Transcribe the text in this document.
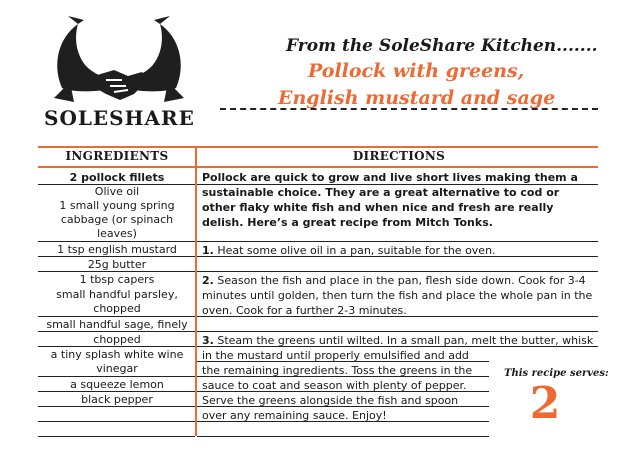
SOLESHARE
From the SoleShare Kitchen.......
Pollock with greens,
English mustard and sage
INGREDIENTS	DIRECTIONS
2 pollock fillets
Olive oil
1 small young spring
cabbage (or spinach
leaves)
1 tsp english mustard
25g butter
1 tbsp capers
small handful parsley,
chopped
small handful sage, finely
chopped
a tiny splash white wine
vinegar
a squeeze lemon
black pepper
Pollock are quick to grow and live short lives making them a
sustainable choice. They are a great alternative to cod or
other flaky white fish and when nice and fresh are really
delish. Here’s a great recipe from Mitch Tonks.
1. Heat some olive oil in a pan, suitable for the oven.
2. Season the fish and place in the pan, flesh side down. Cook for 3-4
minutes until golden, then turn the fish and place the whole pan in the
oven. Cook for a further 2-3 minutes.
3. Steam the greens until wilted. In a small pan, melt the butter, whisk
in the mustard until properly emulsified and add
the remaining ingredients. Toss the greens in the
sauce to coat and season with plenty of pepper.
Serve the greens alongside the fish and spoon
over any remaining sauce. Enjoy!
This recipe serves:
2
